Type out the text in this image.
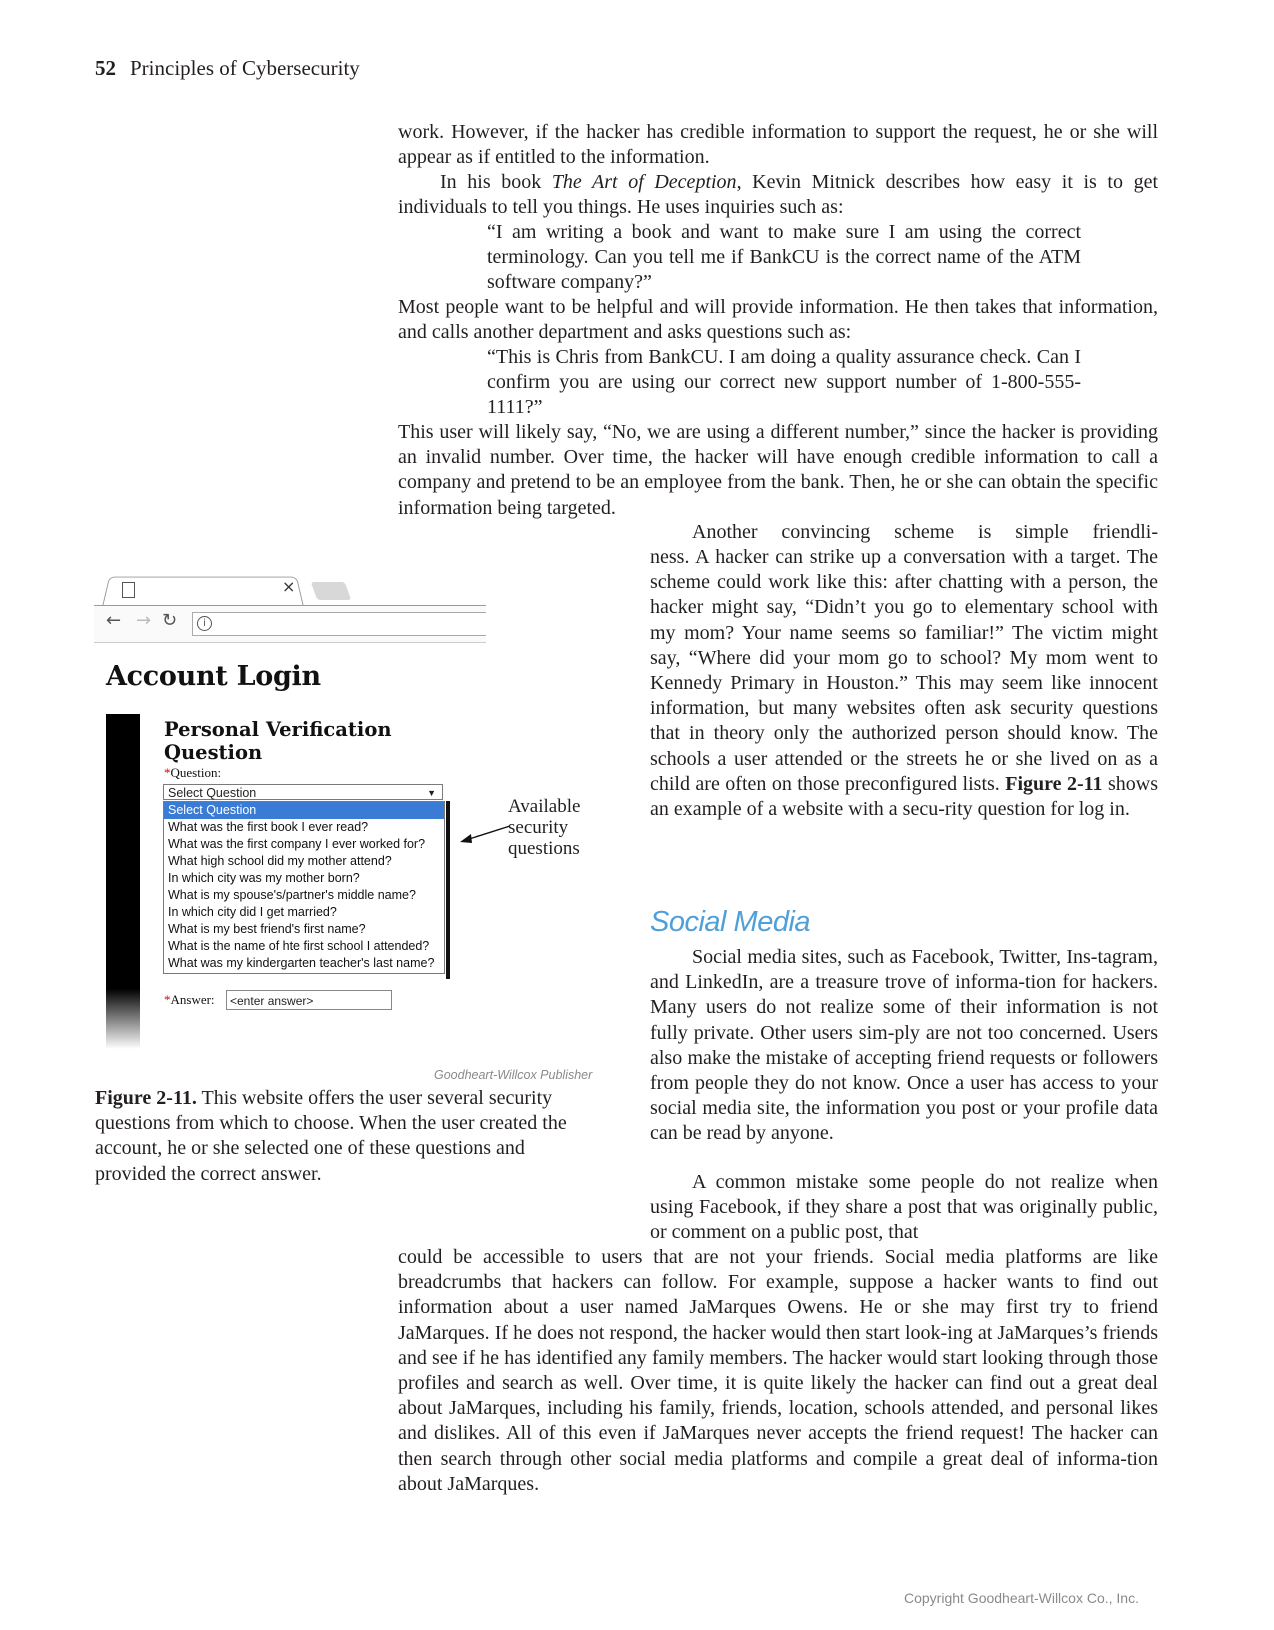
52 Principles of Cybersecurity

work. However, if the hacker has credible information to support the request, he or she will appear as if entitled to the information.

In his book The Art of Deception, Kevin Mitnick describes how easy it is to get individuals to tell you things. He uses inquiries such as:

“I am writing a book and want to make sure I am using the correct terminology. Can you tell me if BankCU is the correct name of the ATM software company?”

Most people want to be helpful and will provide information. He then takes that information, and calls another department and asks questions such as:

“This is Chris from BankCU. I am doing a quality assurance check. Can I confirm you are using our correct new support number of 1-800-555-1111?”

This user will likely say, “No, we are using a different number,” since the hacker is providing an invalid number. Over time, the hacker will have enough credible information to call a company and pretend to be an employee from the bank. Then, he or she can obtain the specific information being targeted.

Another convincing scheme is simple friendli-

ness. A hacker can strike up a conversation with a target. The scheme could work like this: after chatting with a person, the hacker might say, “Didn’t you go to elementary school with my mom? Your name seems so familiar!” The victim might say, “Where did your mom go to school? My mom went to Kennedy Primary in Houston.” This may seem like innocent information, but many websites often ask security questions that in theory only the authorized person should know. The schools a user attended or the streets he or she lived on as a child are often on those preconfigured lists. Figure 2-11 shows an example of a website with a secu-rity question for log in.

Social Media

Social media sites, such as Facebook, Twitter, Ins-tagram, and LinkedIn, are a treasure trove of informa-tion for hackers. Many users do not realize some of their information is not fully private. Other users sim-ply are not too concerned. Users also make the mistake of accepting friend requests or followers from people they do not know. Once a user has access to your social media site, the information you post or your profile data can be read by anyone.

A common mistake some people do not realize when using Facebook, if they share a post that was originally public, or comment on a public post, that

could be accessible to users that are not your friends. Social media platforms are like breadcrumbs that hackers can follow. For example, suppose a hacker wants to find out information about a user named JaMarques Owens. He or she may first try to friend JaMarques. If he does not respond, the hacker would then start look-ing at JaMarques’s friends and see if he has identified any family members. The hacker would start looking through those profiles and search as well. Over time, it is quite likely the hacker can find out a great deal about JaMarques, including his family, friends, location, schools attended, and personal likes and dislikes. All of this even if JaMarques never accepts the friend request! The hacker can then search through other social media platforms and compile a great deal of informa-tion about JaMarques.

×
← → ↻	i
Account Login
Personal Verification Question
*Question:
Select Question	▼
Select Question
What was the first book I ever read?
What was the first company I ever worked for?
What high school did my mother attend?
In which city was my mother born?
What is my spouse's/partner's middle name?
In which city did I get married?
What is my best friend's first name?
What is the name of hte first school I attended?
What was my kindergarten teacher's last name?
*Answer:	<enter answer>
Available
security
questions
Goodheart-Willcox Publisher
Figure 2-11. This website offers the user several security questions from which to choose. When the user created the account, he or she selected one of these questions and provided the correct answer.
Copyright Goodheart-Willcox Co., Inc.
